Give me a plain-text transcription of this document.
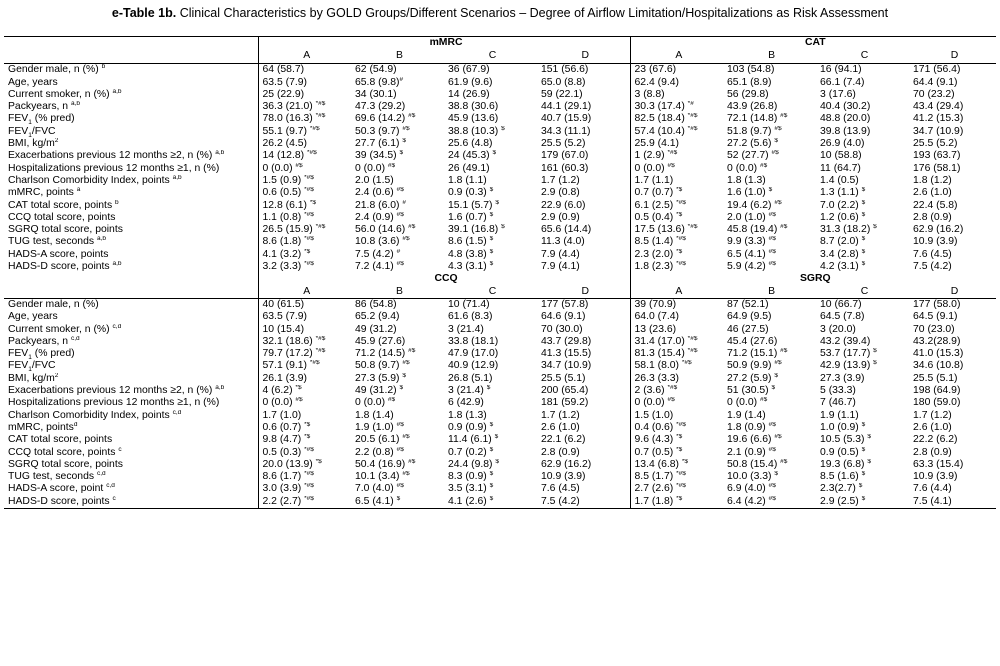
e-Table 1b. Clinical Characteristics by GOLD Groups/Different Scenarios – Degree of Airflow Limitation/Hospitalizations as Risk Assessment
	mMRC				CAT			
	A	B	C	D	A	B	C	D
Gender male, n (%) $^b$	64 (58.7)	62 (54.9)	36 (67.9)	151 (56.6)	23 (67.6)	103 (54.8)	16 (94.1)	171 (56.4)
Age, years	63.5 (7.9)	65.8 (9.8)#	61.9 (9.6)	65.0 (8.8)	62.4 (9.4)	65.1 (8.9)	66.1 (7.4)	64.4 (9.1)
Current smoker, n (%) $^{a,b}$	25 (22.9)	34 (30.1)	14 (26.9)	59 (22.1)	3 (8.8)	56 (29.8)	3 (17.6)	70 (23.2)
Packyears, n $^{a,b}$	36.3 (21.0) *#$	47.3 (29.2)	38.8 (30.6)	44.1 (29.1)	30.3 (17.4) *#	43.9 (26.8)	40.4 (30.2)	43.4 (29.4)
$FEV_1$ (% pred)	78.0 (16.3) *#$	69.6 (14.2) #$	45.9 (13.6)	40.7 (15.9)	82.5 (18.4) *#$	72.1 (14.8) #$	48.8 (20.0)	41.2 (15.3)
$FEV_1$/FVC	55.1 (9.7) *#$	50.3 (9.7) #$	38.8 (10.3) $	34.3 (11.1)	57.4 (10.4) *#$	51.8 (9.7) #$	39.8 (13.9)	34.7 (10.9)
BMI, $kg/m^2$	26.2 (4.5)	27.7 (6.1) $	25.6 (4.8)	25.5 (5.2)	25.9 (4.1)	27.2 (5.6) $	26.9 (4.0)	25.5 (5.2)
Exacerbations previous 12 months ≥2, n (%) $^{a,b}$	14 (12.8) *#$	39 (34.5) $	24 (45.3) $	179 (67.0)	1 (2.9) *#$	52 (27.7) #$	10 (58.8)	193 (63.7)
Hospitalizations previous 12 months ≥1, n (%)	0 (0.0) #$	0 (0.0) #$	26 (49.1)	161 (60.3)	0 (0.0) #$	0 (0.0) #$	11 (64.7)	176 (58.1)
Charlson Comorbidity Index, points $^{a,b}$	1.5 (0.9) *#$	2.0 (1.5)	1.8 (1.1)	1.7 (1.2)	1.7 (1.1)	1.8 (1.3)	1.4 (0.5)	1.8 (1.2)
mMRC, points $^a$	0.6 (0.5) *#$	2.4 (0.6) #$	0.9 (0.3) $	2.9 (0.8)	0.7 (0.7) *$	1.6 (1.0) $	1.3 (1.1) $	2.6 (1.0)
CAT total score, points $^b$	12.8 (6.1) *$	21.8 (6.0) #	15.1 (5.7) $	22.9 (6.0)	6.1 (2.5) *#$	19.4 (6.2) #$	7.0 (2.2) $	22.4 (5.8)
CCQ total score, points	1.1 (0.8) *#$	2.4 (0.9) #$	1.6 (0.7) $	2.9 (0.9)	0.5 (0.4) *$	2.0 (1.0) #$	1.2 (0.6) $	2.8 (0.9)
SGRQ total score, points	26.5 (15.9) *#$	56.0 (14.6) #$	39.1 (16.8) $	65.6 (14.4)	17.5 (13.6) *#$	45.8 (19.4) #$	31.3 (18.2) $	62.9 (16.2)
TUG test, seconds $^{a,b}$	8.6 (1.8) *#$	10.8 (3.6) #$	8.6 (1.5) $	11.3 (4.0)	8.5 (1.4) *#$	9.9 (3.3) #$	8.7 (2.0) $	10.9 (3.9)
HADS-A score, points	4.1 (3.2) *$	7.5 (4.2) #	4.8 (3.8) $	7.9 (4.4)	2.3 (2.0) *$	6.5 (4.1) #$	3.4 (2.8) $	7.6 (4.5)
HADS-D score, points $^{a,b}$	3.2 (3.3) *#$	7.2 (4.1) #$	4.3 (3.1) $	7.9 (4.1)	1.8 (2.3) *#$	5.9 (4.2) #$	4.2 (3.1) $	7.5 (4.2)
	CCQ				SGRQ			
	A	B	C	D	A	B	C	D
Gender male, n (%)	40 (61.5)	86 (54.8)	10 (71.4)	177 (57.8)	39 (70.9)	87 (52.1)	10 (66.7)	177 (58.0)
Age, years	63.5 (7.9)	65.2 (9.4)	61.6 (8.3)	64.6 (9.1)	64.0 (7.4)	64.9 (9.5)	64.5 (7.8)	64.5 (9.1)
Current smoker, n (%) $^{c,d}$	10 (15.4)	49 (31.2)	3 (21.4)	70 (30.0)	13 (23.6)	46 (27.5)	3 (20.0)	70 (23.0)
Packyears, n $^{c,d}$	32.1 (18.6) *#$	45.9 (27.6)	33.8 (18.1)	43.7 (29.8)	31.4 (17.0) *#$	45.4 (27.6)	43.2 (39.4)	43.2(28.9)
$FEV_1$ (% pred)	79.7 (17.2) *#$	71.2 (14.5) #$	47.9 (17.0)	41.3 (15.5)	81.3 (15.4) *#$	71.2 (15.1) #$	53.7 (17.7) $	41.0 (15.3)
$FEV_1$/FVC	57.1 (9.1) *#$	50.8 (9.7) #$	40.9 (12.9)	34.7 (10.9)	58.1 (8.0) *#$	50.9 (9.9) #$	42.9 (13.9) $	34.6 (10.8)
BMI, $kg/m^2$	26.1 (3.9)	27.3 (5.9) $	26.8 (5.1)	25.5 (5.1)	26.3 (3.3)	27.2 (5.9) $	27.3 (3.9)	25.5 (5.1)
Exacerbations previous 12 months ≥2, n (%) $^{a,b}$	4 (6.2) *$	49 (31.2) $	3 (21.4) $	200 (65.4)	2 (3.6) *#$	51 (30.5) $	5 (33.3)	198 (64.9)
Hospitalizations previous 12 months ≥1, n (%)	0 (0.0) #$	0 (0.0) #$	6 (42.9)	181 (59.2)	0 (0.0) #$	0 (0.0) #$	7 (46.7)	180 (59.0)
Charlson Comorbidity Index, points $^{c,d}$	1.7 (1.0)	1.8 (1.4)	1.8 (1.3)	1.7 (1.2)	1.5 (1.0)	1.9 (1.4)	1.9 (1.1)	1.7 (1.2)
mMRC, points$^d$	0.6 (0.7) *$	1.9 (1.0) #$	0.9 (0.9) $	2.6 (1.0)	0.4 (0.6) *#$	1.8 (0.9) #$	1.0 (0.9) $	2.6 (1.0)
CAT total score, points	9.8 (4.7) *$	20.5 (6.1) #$	11.4 (6.1) $	22.1 (6.2)	9.6 (4.3) *$	19.6 (6.6) #$	10.5 (5.3) $	22.2 (6.2)
CCQ total score, points $^c$	0.5 (0.3) *#$	2.2 (0.8) #$	0.7 (0.2) $	2.8 (0.9)	0.7 (0.5) *$	2.1 (0.9) #$	0.9 (0.5) $	2.8 (0.9)
SGRQ total score, points	20.0 (13.9) *$	50.4 (16.9) #$	24.4 (9.8) $	62.9 (16.2)	13.4 (6.8) *$	50.8 (15.4) #$	19.3 (6.8) $	63.3 (15.4)
TUG test, seconds $^{c,d}$	8.6 (1.7) *#$	10.1 (3.4) #$	8.3 (0.9) $	10.9 (3.9)	8.5 (1.7) *#$	10.0 (3.3) $	8.5 (1.6) $	10.9 (3.9)
HADS-A score, point $^{c,d}$	3.0 (3.9) *#$	7.0 (4.0) #$	3.5 (3.1) $	7.6 (4.5)	2.7 (2.6) *#$	6.9 (4.0) #$	2.3(2.7) $	7.6 (4.4)
HADS-D score, points $^c$	2.2 (2.7) *#$	6.5 (4.1) $	4.1 (2.6) $	7.5 (4.2)	1.7 (1.8) *$	6.4 (4.2) #$	2.9 (2.5) $	7.5 (4.1)
